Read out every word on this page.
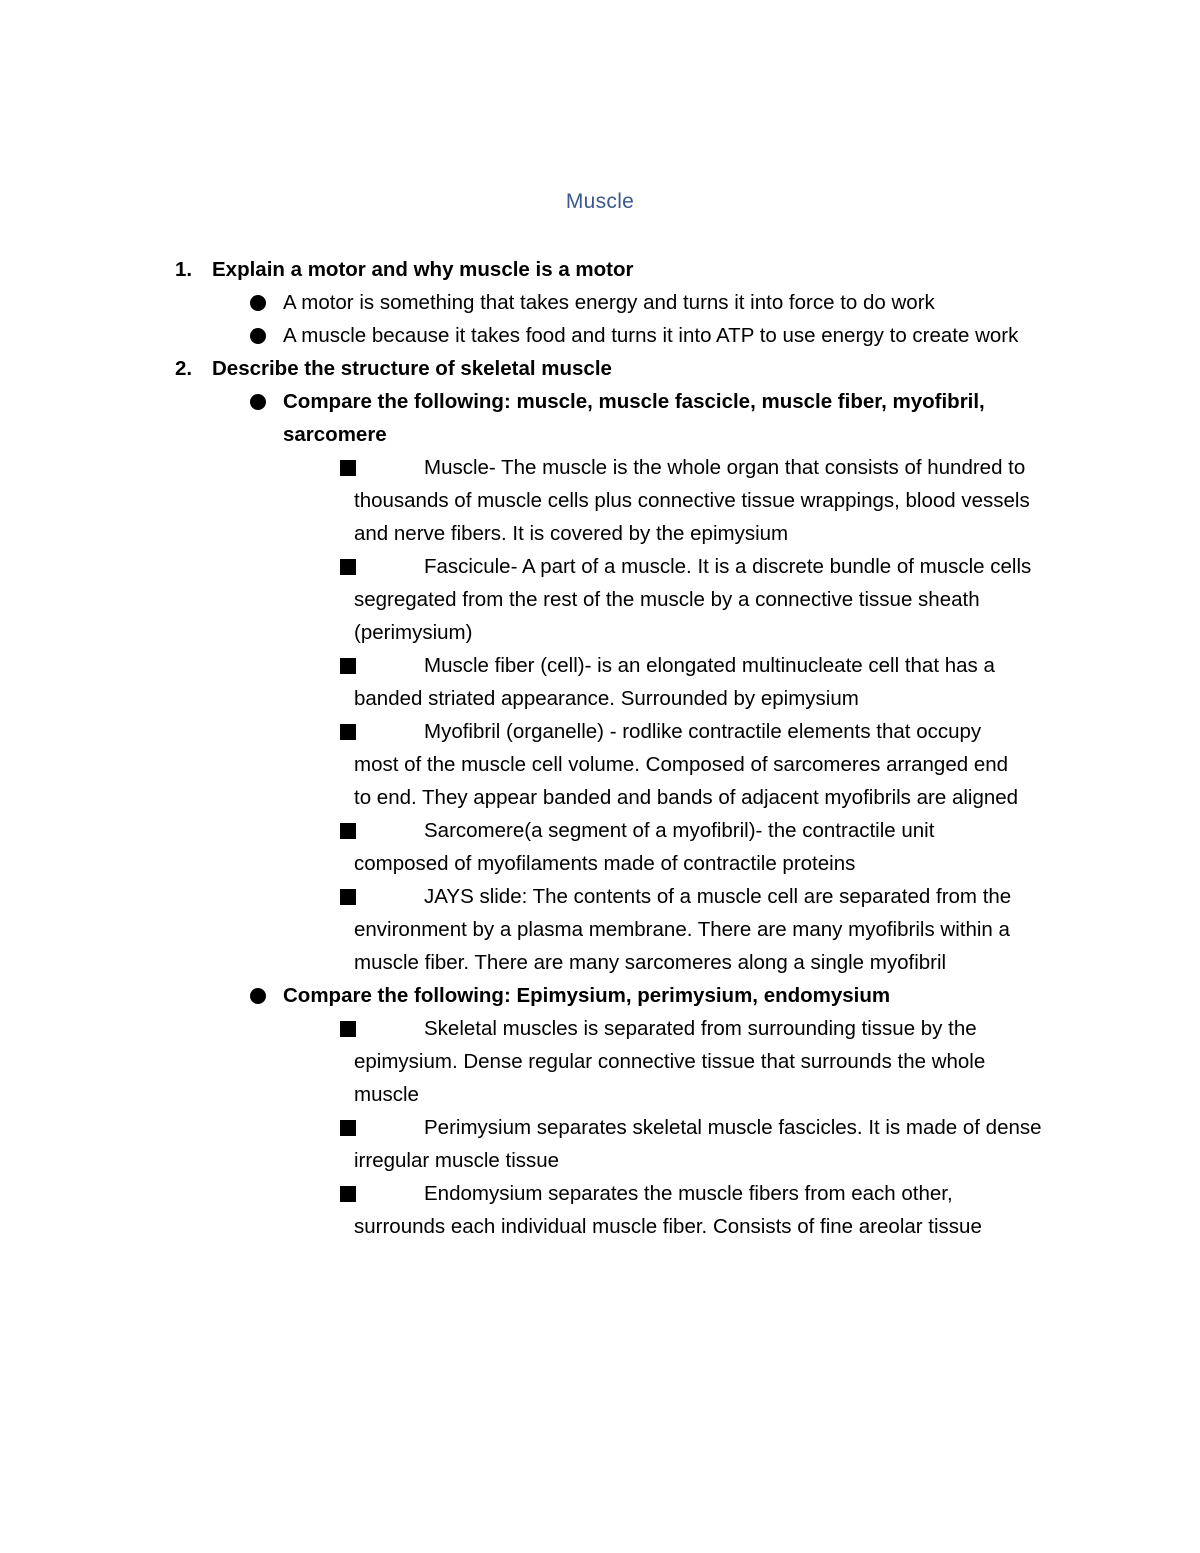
Muscle
1. Explain a motor and why muscle is a motor
A motor is something that takes energy and turns it into force to do work
A muscle because it takes food and turns it into ATP to use energy to create work
2. Describe the structure of skeletal muscle
Compare the following: muscle, muscle fascicle, muscle fiber, myofibril,
sarcomere
Muscle- The muscle is the whole organ that consists of hundred to
thousands of muscle cells plus connective tissue wrappings, blood vessels
and nerve fibers. It is covered by the epimysium
Fascicule- A part of a muscle. It is a discrete bundle of muscle cells
segregated from the rest of the muscle by a connective tissue sheath
(perimysium)
Muscle fiber (cell)- is an elongated multinucleate cell that has a
banded striated appearance. Surrounded by epimysium
Myofibril (organelle) - rodlike contractile elements that occupy
most of the muscle cell volume. Composed of sarcomeres arranged end
to end. They appear banded and bands of adjacent myofibrils are aligned
Sarcomere(a segment of a myofibril)- the contractile unit
composed of myofilaments made of contractile proteins
JAYS slide: The contents of a muscle cell are separated from the
environment by a plasma membrane. There are many myofibrils within a
muscle fiber. There are many sarcomeres along a single myofibril
Compare the following: Epimysium, perimysium, endomysium
Skeletal muscles is separated from surrounding tissue by the
epimysium. Dense regular connective tissue that surrounds the whole
muscle
Perimysium separates skeletal muscle fascicles. It is made of dense
irregular muscle tissue
Endomysium separates the muscle fibers from each other,
surrounds each individual muscle fiber. Consists of fine areolar tissue
